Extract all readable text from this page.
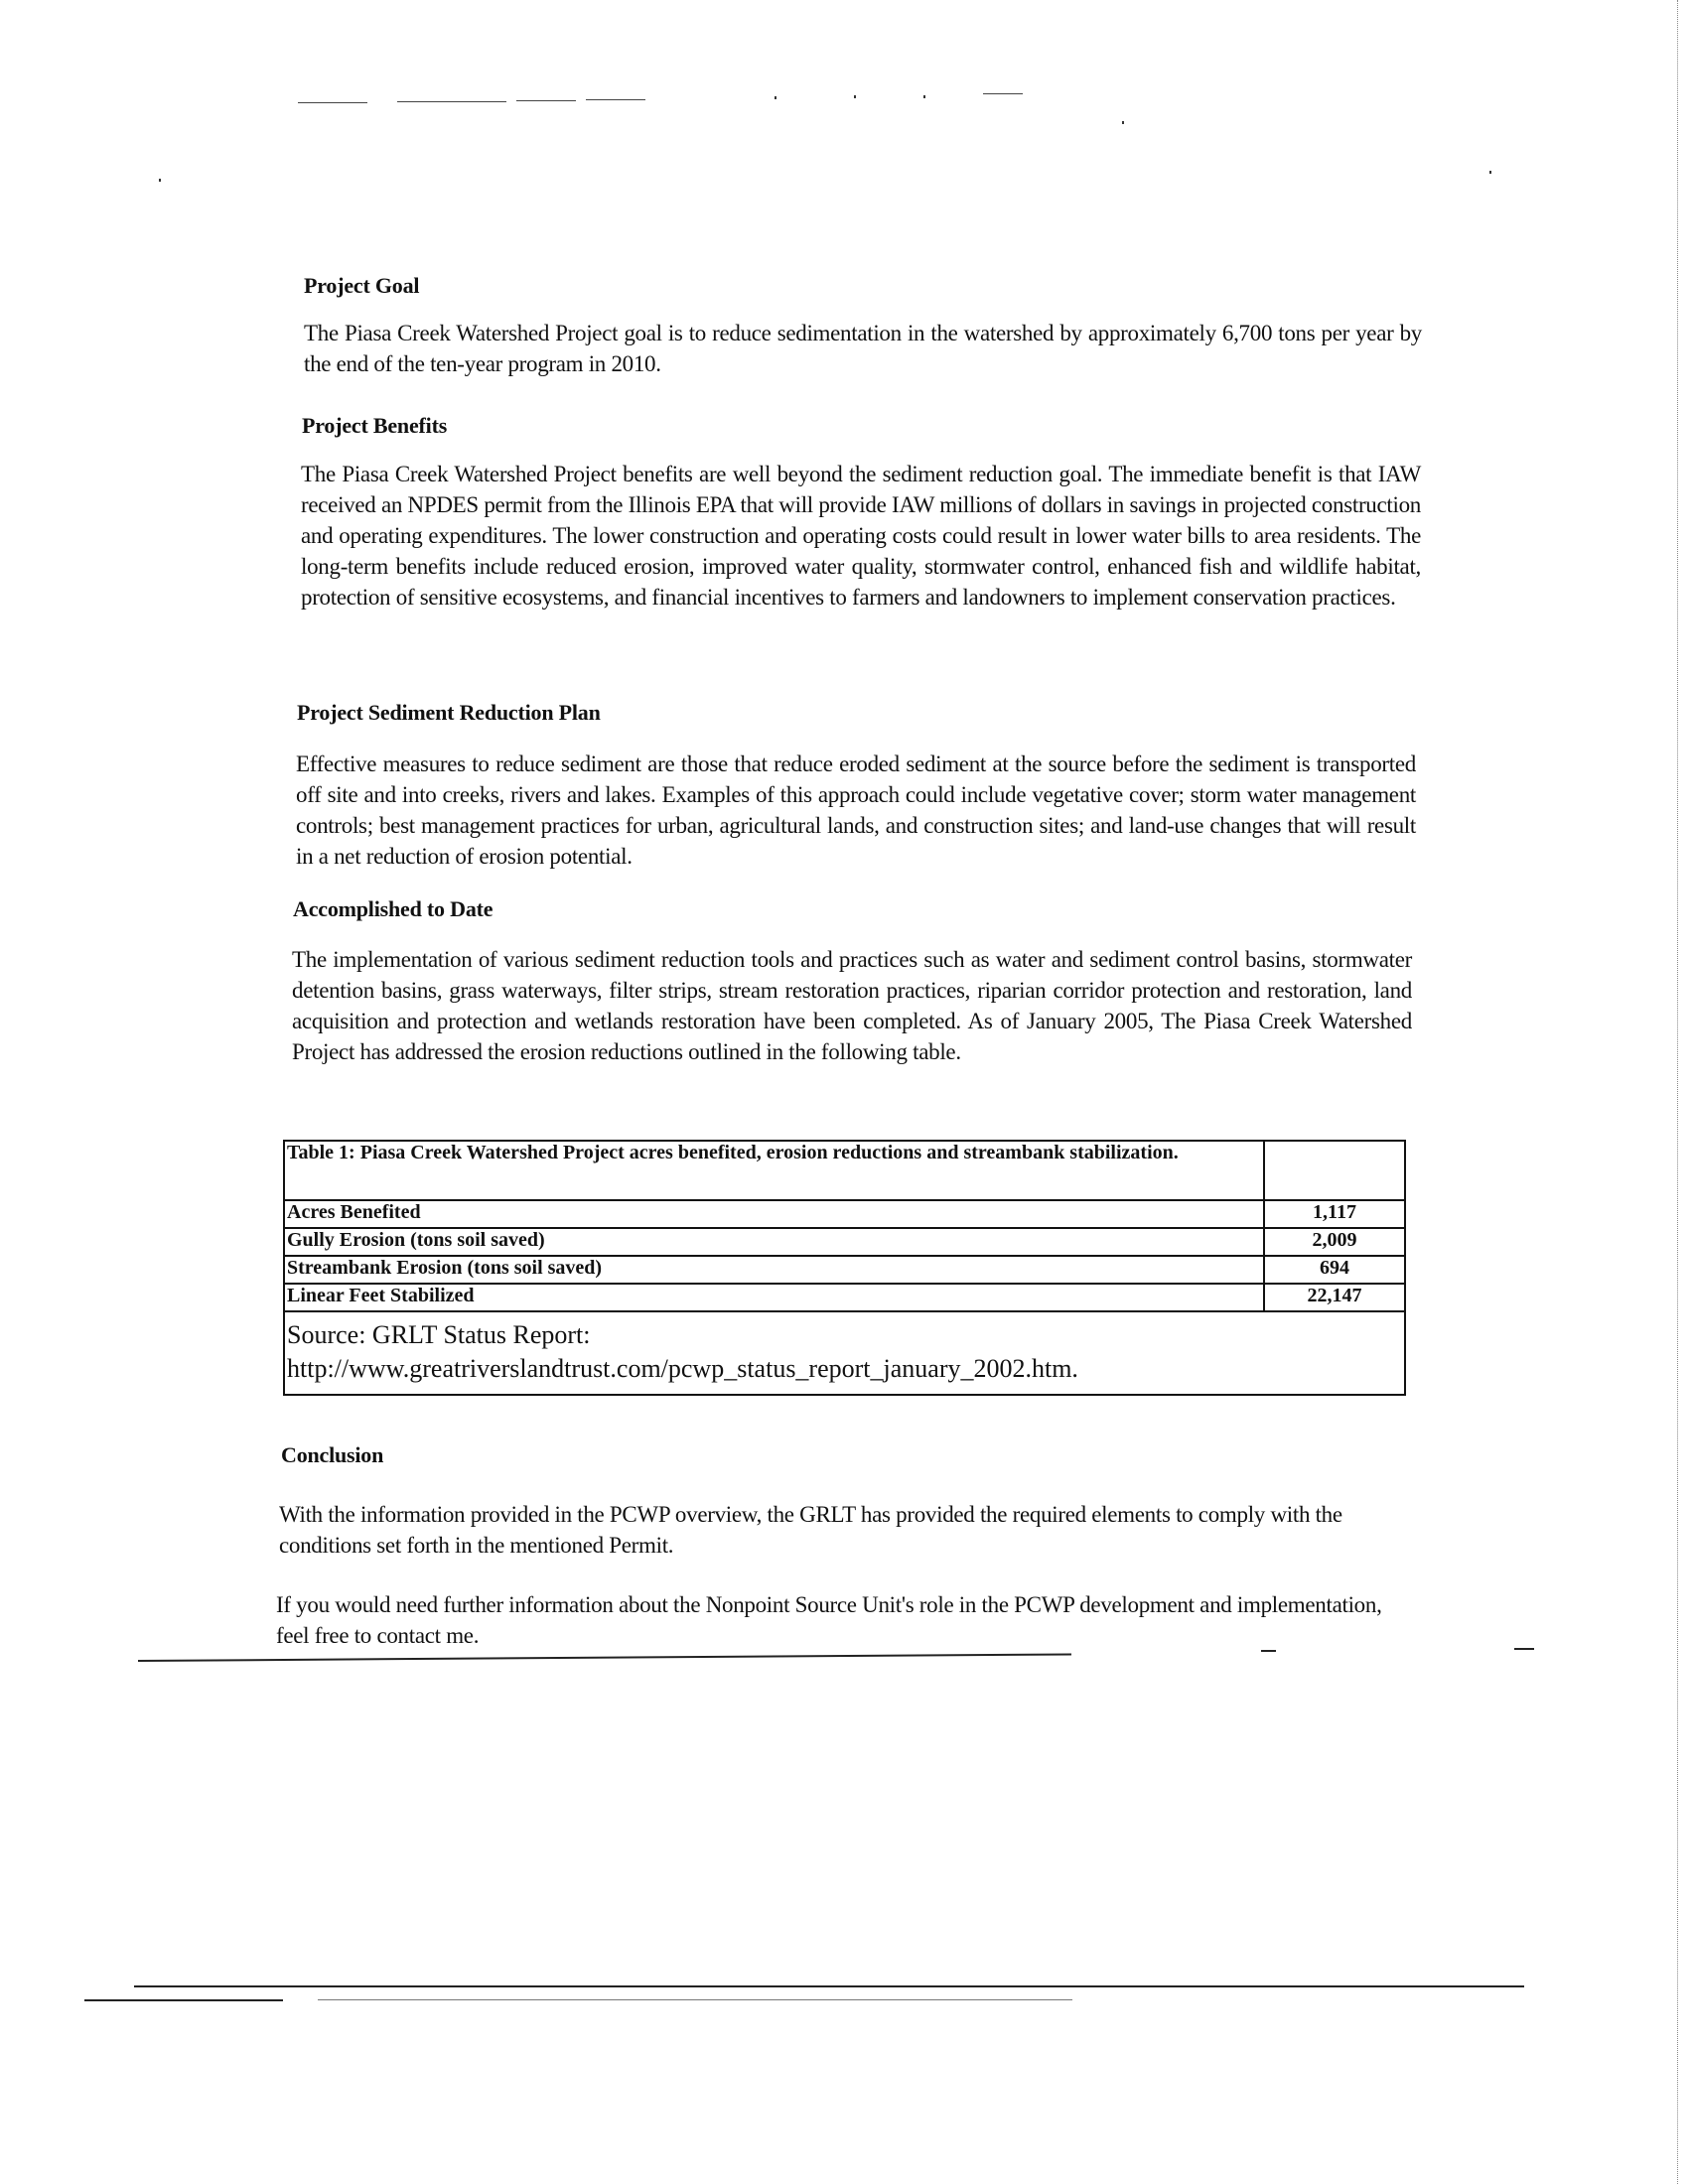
Project Goal
The Piasa Creek Watershed Project goal is to reduce sedimentation in the watershed by approximately 6,700 tons per year by the end of the ten-year program in 2010.
Project Benefits
The Piasa Creek Watershed Project benefits are well beyond the sediment reduction goal. The immediate benefit is that IAW received an NPDES permit from the Illinois EPA that will provide IAW millions of dollars in savings in projected construction and operating expenditures. The lower construction and operating costs could result in lower water bills to area residents. The long-term benefits include reduced erosion, improved water quality, stormwater control, enhanced fish and wildlife habitat, protection of sensitive ecosystems, and financial incentives to farmers and landowners to implement conservation practices.
Project Sediment Reduction Plan
Effective measures to reduce sediment are those that reduce eroded sediment at the source before the sediment is transported off site and into creeks, rivers and lakes. Examples of this approach could include vegetative cover; storm water management controls; best management practices for urban, agricultural lands, and construction sites; and land-use changes that will result in a net reduction of erosion potential.
Accomplished to Date
The implementation of various sediment reduction tools and practices such as water and sediment control basins, stormwater detention basins, grass waterways, filter strips, stream restoration practices, riparian corridor protection and restoration, land acquisition and protection and wetlands restoration have been completed. As of January 2005, The Piasa Creek Watershed Project has addressed the erosion reductions outlined in the following table.
Table 1: Piasa Creek Watershed Project acres benefited, erosion reductions and streambank stabilization.	
Acres Benefited	1,117
Gully Erosion (tons soil saved)	2,009
Streambank Erosion (tons soil saved)	694
Linear Feet Stabilized	22,147

Source: GRLT Status Report:
http://www.greatriverslandtrust.com/pcwp_status_report_january_2002.htm.	
Conclusion
With the information provided in the PCWP overview, the GRLT has provided the required elements to comply with the conditions set forth in the mentioned Permit.
If you would need further information about the Nonpoint Source Unit's role in the PCWP development and implementation, feel free to contact me.
